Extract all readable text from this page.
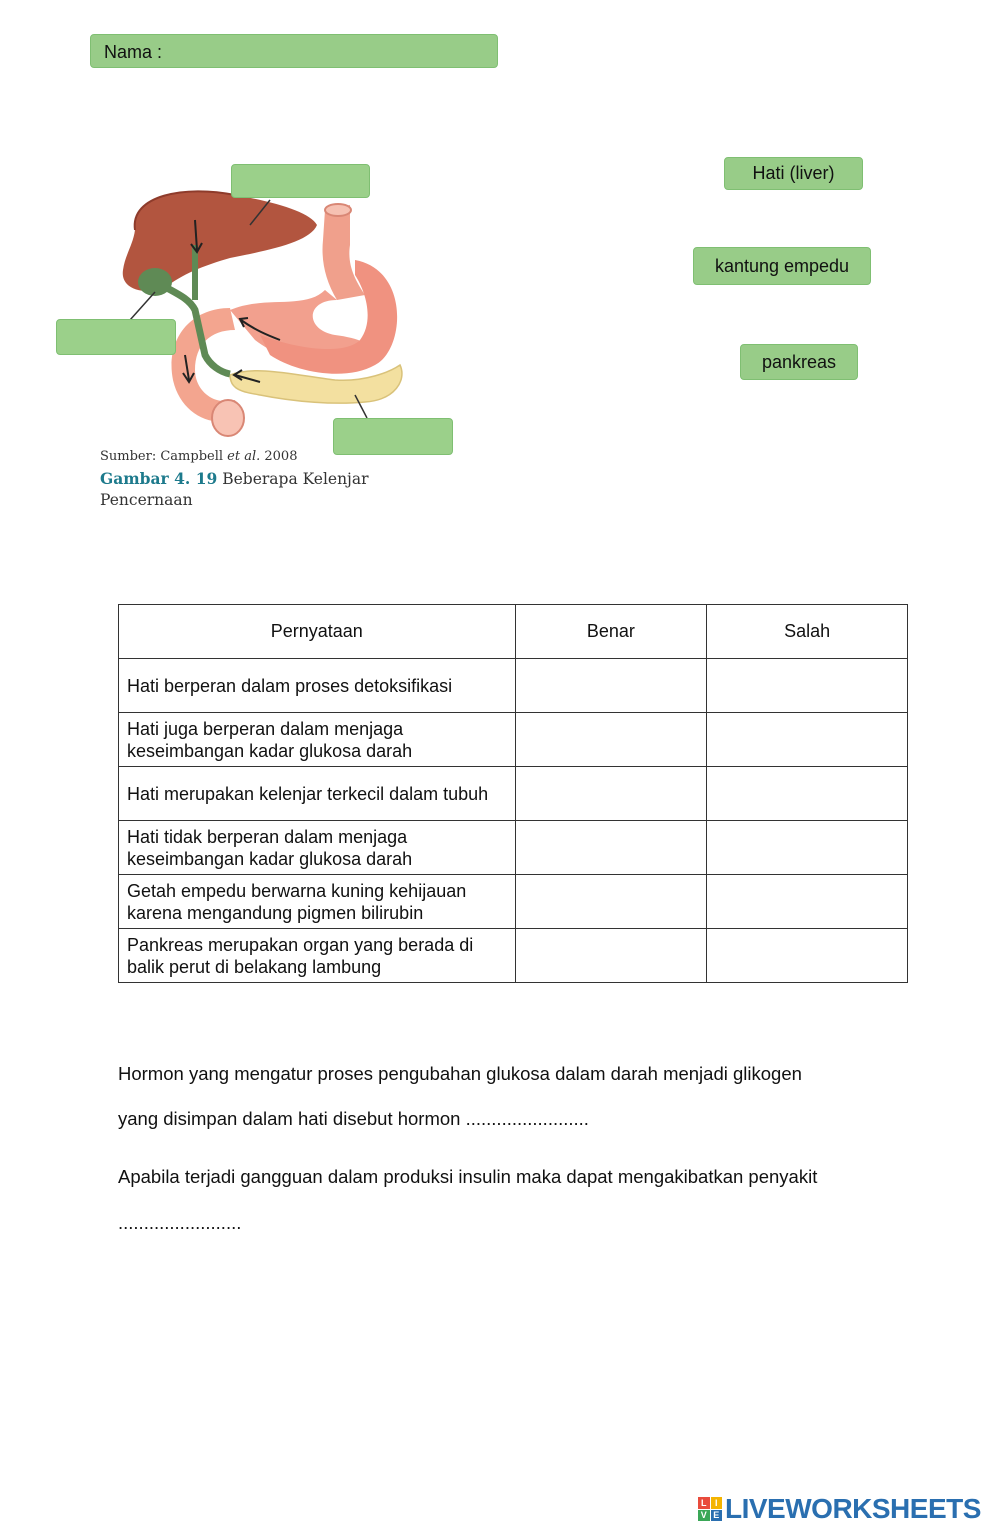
Nama :
Hati (liver)
kantung empedu
pankreas
Sumber: Campbell et al. 2008
Gambar 4. 19 Beberapa Kelenjar Pencernaan
Pernyataan	Benar	Salah
Hati berperan dalam proses detoksifikasi		
Hati juga berperan dalam menjaga keseimbangan kadar glukosa darah		
Hati merupakan kelenjar terkecil dalam tubuh		
Hati tidak berperan dalam menjaga keseimbangan kadar glukosa darah		
Getah empedu berwarna kuning kehijauan karena mengandung pigmen bilirubin		
Pankreas merupakan organ yang berada di balik perut di belakang lambung		
Hormon yang mengatur proses pengubahan glukosa dalam darah menjadi glikogen
yang disimpan dalam hati disebut hormon ........................
Apabila terjadi gangguan dalam produksi insulin maka dapat mengakibatkan penyakit
........................
L I
V E LIVEWORKSHEETS
